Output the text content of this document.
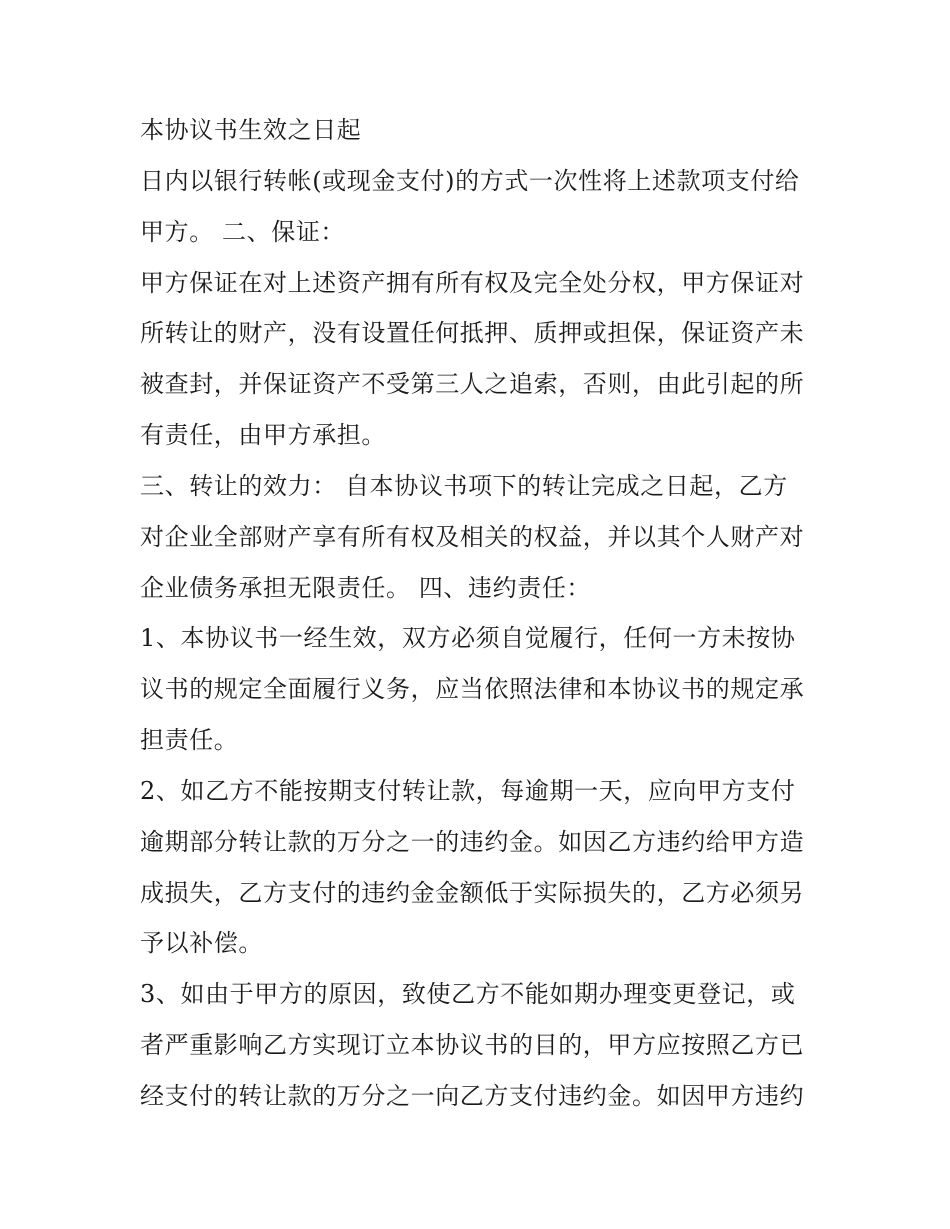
本协议书生效之日起
日内以银行转帐(或现金支付)的方式一次性将上述款项支付给
甲方。 二、保证：
甲方保证在对上述资产拥有所有权及完全处分权，甲方保证对
所转让的财产，没有设置任何抵押、质押或担保，保证资产未
被查封，并保证资产不受第三人之追索，否则，由此引起的所
有责任，由甲方承担。
三、转让的效力： 自本协议书项下的转让完成之日起，乙方
对企业全部财产享有所有权及相关的权益，并以其个人财产对
企业债务承担无限责任。 四、违约责任：
1、本协议书一经生效，双方必须自觉履行，任何一方未按协
议书的规定全面履行义务，应当依照法律和本协议书的规定承
担责任。
2、如乙方不能按期支付转让款，每逾期一天，应向甲方支付
逾期部分转让款的万分之一的违约金。如因乙方违约给甲方造
成损失，乙方支付的违约金金额低于实际损失的，乙方必须另
予以补偿。
3、如由于甲方的原因，致使乙方不能如期办理变更登记，或
者严重影响乙方实现订立本协议书的目的，甲方应按照乙方已
经支付的转让款的万分之一向乙方支付违约金。如因甲方违约
